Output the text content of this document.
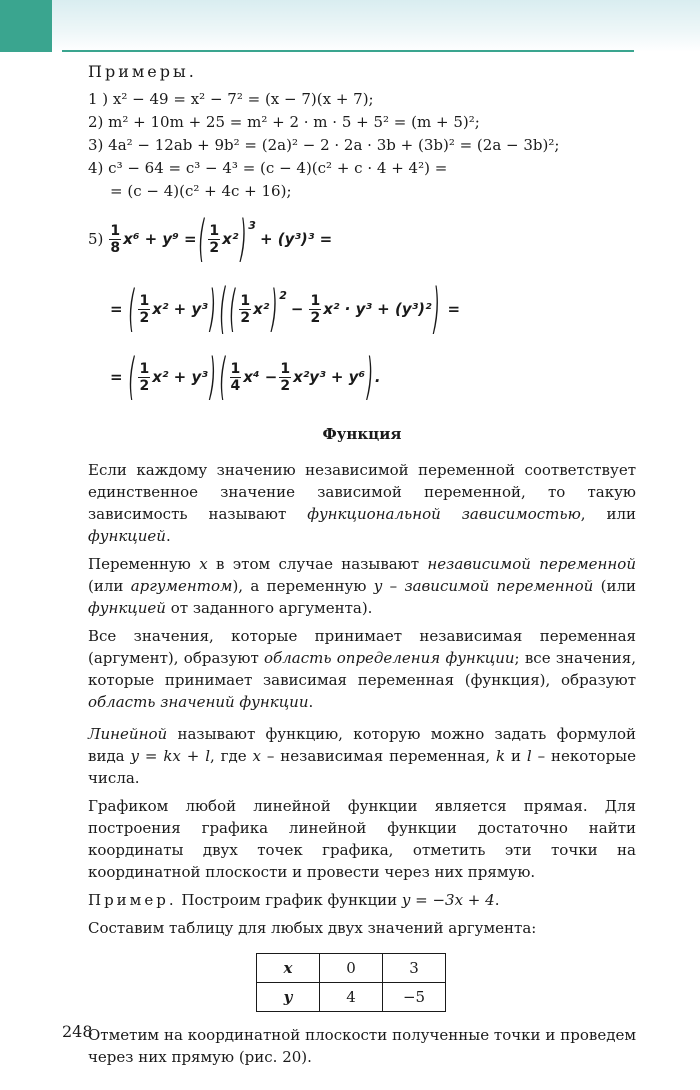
Примеры.
1 ) x² − 49 = x² − 7² = (x − 7)(x + 7);
2) m² + 10m + 25 = m² + 2 · m · 5 + 5² = (m + 5)²;
3) 4a² − 12ab + 9b² = (2a)² − 2 · 2a · 3b + (3b)² = (2a − 3b)²;
4) c³ − 64 = c³ − 4³ = (c − 4)(c² + c · 4 + 4²) =
= (c − 4)(c² + 4c + 16);
$5) \frac{1}{8} x^6 + y^9$ = ( $\frac{1}{2} x^2$ )$^3$
+ (y³)³ =
= ( $\frac{1}{2} x^2 + y^3$ ) ( ( $\frac{1}{2} x^2$ )$^2$
− $\frac{1}{2} x^2 \cdot y^3 + (y^3)^2$ ) =
= ( $\frac{1}{2} x^2 + y^3$ ) ( $\frac{1}{4} x^4 - \frac{1}{2} x^2y^3 + y^6$ ) .
Функция

Если каждому значению независимой переменной соответствует единственное значение зависимой переменной, то такую зависимость называют функциональной зависимостью, или функцией.

Переменную x в этом случае называют независимой переменной (или аргументом), а переменную y – зависимой переменной (или функцией от заданного аргумента).

Все значения, которые принимает независимая переменная (аргумент), образуют область определения функции; все значения, которые принимает зависимая переменная (функция), образуют область значений функции.

Линейной называют функцию, которую можно задать формулой вида y = kx + l, где x – независимая переменная, k и l – некоторые числа.

Графиком любой линейной функции является прямая. Для построения графика линейной функции достаточно найти координаты двух точек графика, отметить эти точки на координатной плоскости и провести через них прямую.

Пример. Построим график функции y = −3x + 4.

Составим таблицу для любых двух значений аргумента:

x	0	3
y	4	−5

Отметим на координатной плоскости полученные точки и проведем через них прямую (рис. 20).

248
